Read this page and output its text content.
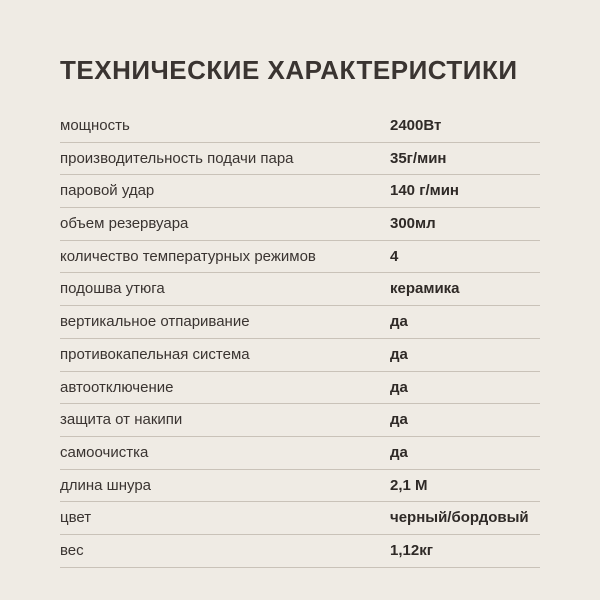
ТЕХНИЧЕСКИЕ ХАРАКТЕРИСТИКИ
мощность	2400Вт
производительность подачи пара	35г/мин
паровой удар	140 г/мин
объем резервуара	300мл
количество температурных режимов	4
подошва утюга	керамика
вертикальное отпаривание	да
противокапельная система	да
автоотключение	да
защита от накипи	да
самоочистка	да
длина шнура	2,1 М
цвет	черный/бордовый
вес	1,12кг
